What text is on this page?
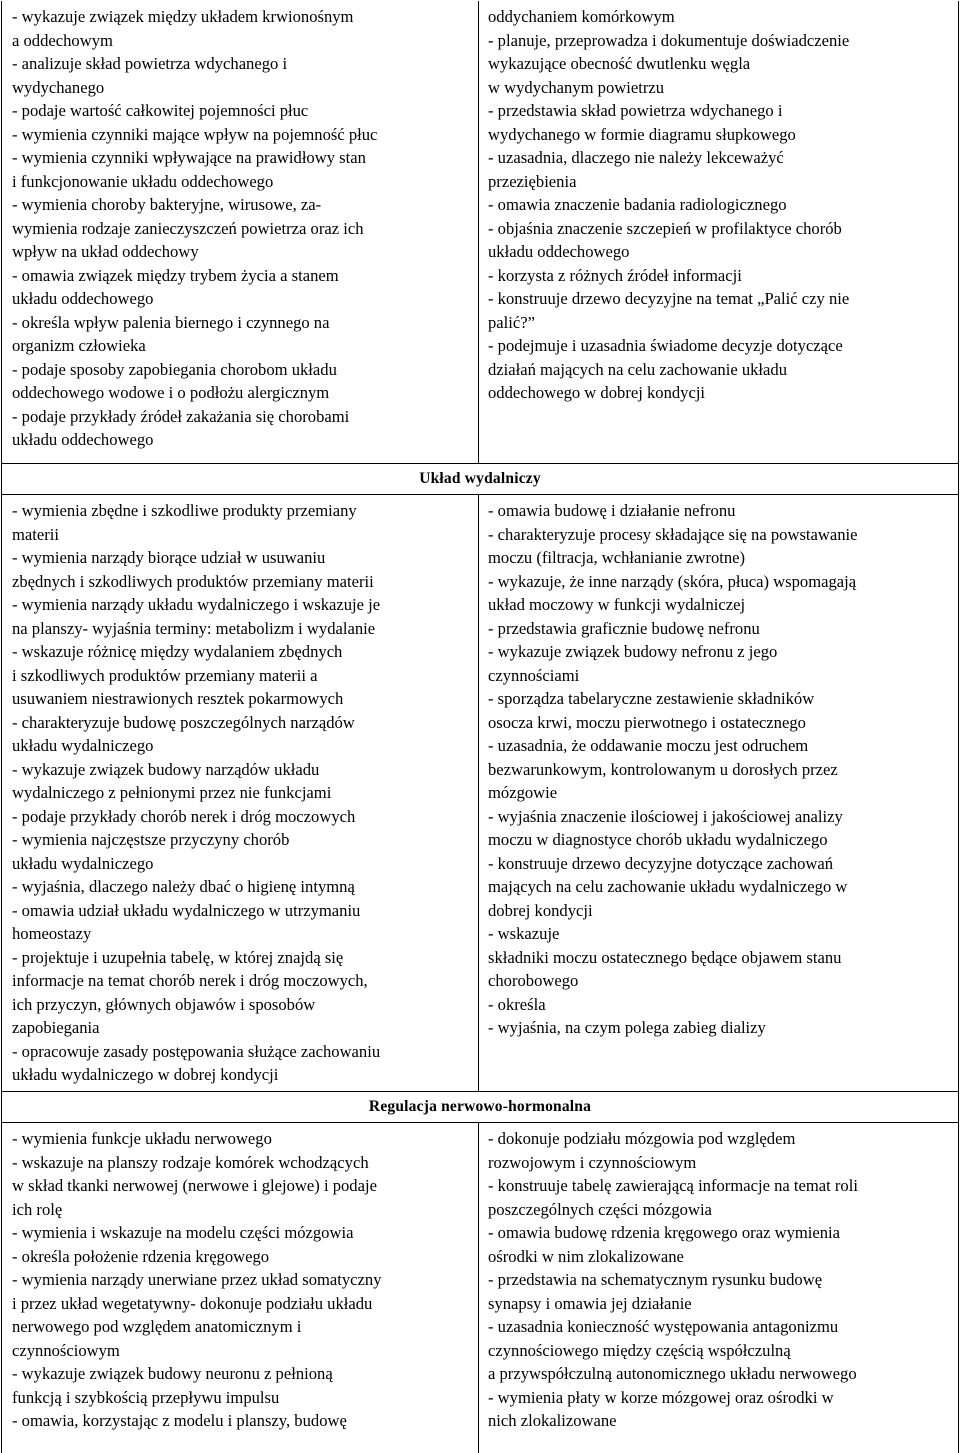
- wykazuje związek między układem krwionośnym

a oddechowym

- analizuje skład powietrza wdychanego i

wydychanego

- podaje wartość całkowitej pojemności płuc

- wymienia czynniki mające wpływ na pojemność płuc

- wymienia czynniki wpływające na prawidłowy stan

i funkcjonowanie układu oddechowego

- wymienia choroby bakteryjne, wirusowe, za-

wymienia rodzaje zanieczyszczeń powietrza oraz ich

wpływ na układ oddechowy

- omawia związek między trybem życia a stanem

układu oddechowego

- określa wpływ palenia biernego i czynnego na

organizm człowieka

- podaje sposoby zapobiegania chorobom układu

oddechowego wodowe i o podłożu alergicznym

- podaje przykłady źródeł zakażania się chorobami

układu oddechowego

oddychaniem komórkowym

- planuje, przeprowadza i dokumentuje doświadczenie

wykazujące obecność dwutlenku węgla

w wydychanym powietrzu

- przedstawia skład powietrza wdychanego i

wydychanego w formie diagramu słupkowego

- uzasadnia, dlaczego nie należy lekceważyć

przeziębienia

- omawia znaczenie badania radiologicznego

- objaśnia znaczenie szczepień w profilaktyce chorób

układu oddechowego

- korzysta z różnych źródeł informacji

- konstruuje drzewo decyzyjne na temat „Palić czy nie

palić?”

- podejmuje i uzasadnia świadome decyzje dotyczące

działań mających na celu zachowanie układu

oddechowego w dobrej kondycji

Układ wydalniczy

- wymienia zbędne i szkodliwe produkty przemiany

materii

- wymienia narządy biorące udział w usuwaniu

zbędnych i szkodliwych produktów przemiany materii

- wymienia narządy układu wydalniczego i wskazuje je

na planszy- wyjaśnia terminy: metabolizm i wydalanie

- wskazuje różnicę między wydalaniem zbędnych

i szkodliwych produktów przemiany materii a

usuwaniem niestrawionych resztek pokarmowych

- charakteryzuje budowę poszczególnych narządów

układu wydalniczego

- wykazuje związek budowy narządów układu

wydalniczego z pełnionymi przez nie funkcjami

- podaje przykłady chorób nerek i dróg moczowych

- wymienia najczęstsze przyczyny chorób

układu wydalniczego

- wyjaśnia, dlaczego należy dbać o higienę intymną

- omawia udział układu wydalniczego w utrzymaniu

homeostazy

- projektuje i uzupełnia tabelę, w której znajdą się

informacje na temat chorób nerek i dróg moczowych,

ich przyczyn, głównych objawów i sposobów

zapobiegania

- opracowuje zasady postępowania służące zachowaniu

układu wydalniczego w dobrej kondycji

- omawia budowę i działanie nefronu

- charakteryzuje procesy składające się na powstawanie

moczu (filtracja, wchłanianie zwrotne)

- wykazuje, że inne narządy (skóra, płuca) wspomagają

układ moczowy w funkcji wydalniczej

- przedstawia graficznie budowę nefronu

- wykazuje związek budowy nefronu z jego

czynnościami

- sporządza tabelaryczne zestawienie składników

osocza krwi, moczu pierwotnego i ostatecznego

- uzasadnia, że oddawanie moczu jest odruchem

bezwarunkowym, kontrolowanym u dorosłych przez

mózgowie

- wyjaśnia znaczenie ilościowej i jakościowej analizy

moczu w diagnostyce chorób układu wydalniczego

- konstruuje drzewo decyzyjne dotyczące zachowań

mających na celu zachowanie układu wydalniczego w

dobrej kondycji

- wskazuje

składniki moczu ostatecznego będące objawem stanu

chorobowego

- określa

- wyjaśnia, na czym polega zabieg dializy

Regulacja nerwowo-hormonalna

- wymienia funkcje układu nerwowego

- wskazuje na planszy rodzaje komórek wchodzących

w skład tkanki nerwowej (nerwowe i glejowe) i podaje

ich rolę

- wymienia i wskazuje na modelu części mózgowia

- określa położenie rdzenia kręgowego

- wymienia narządy unerwiane przez układ somatyczny

i przez układ wegetatywny- dokonuje podziału układu

nerwowego pod względem anatomicznym i

czynnościowym

- wykazuje związek budowy neuronu z pełnioną

funkcją i szybkością przepływu impulsu

- omawia, korzystając z modelu i planszy, budowę

- dokonuje podziału mózgowia pod względem

rozwojowym i czynnościowym

- konstruuje tabelę zawierającą informacje na temat roli

poszczególnych części mózgowia

- omawia budowę rdzenia kręgowego oraz wymienia

ośrodki w nim zlokalizowane

- przedstawia na schematycznym rysunku budowę

synapsy i omawia jej działanie

- uzasadnia konieczność występowania antagonizmu

czynnościowego między częścią współczulną

a przywspółczulną autonomicznego układu nerwowego

- wymienia płaty w korze mózgowej oraz ośrodki w

nich zlokalizowane
